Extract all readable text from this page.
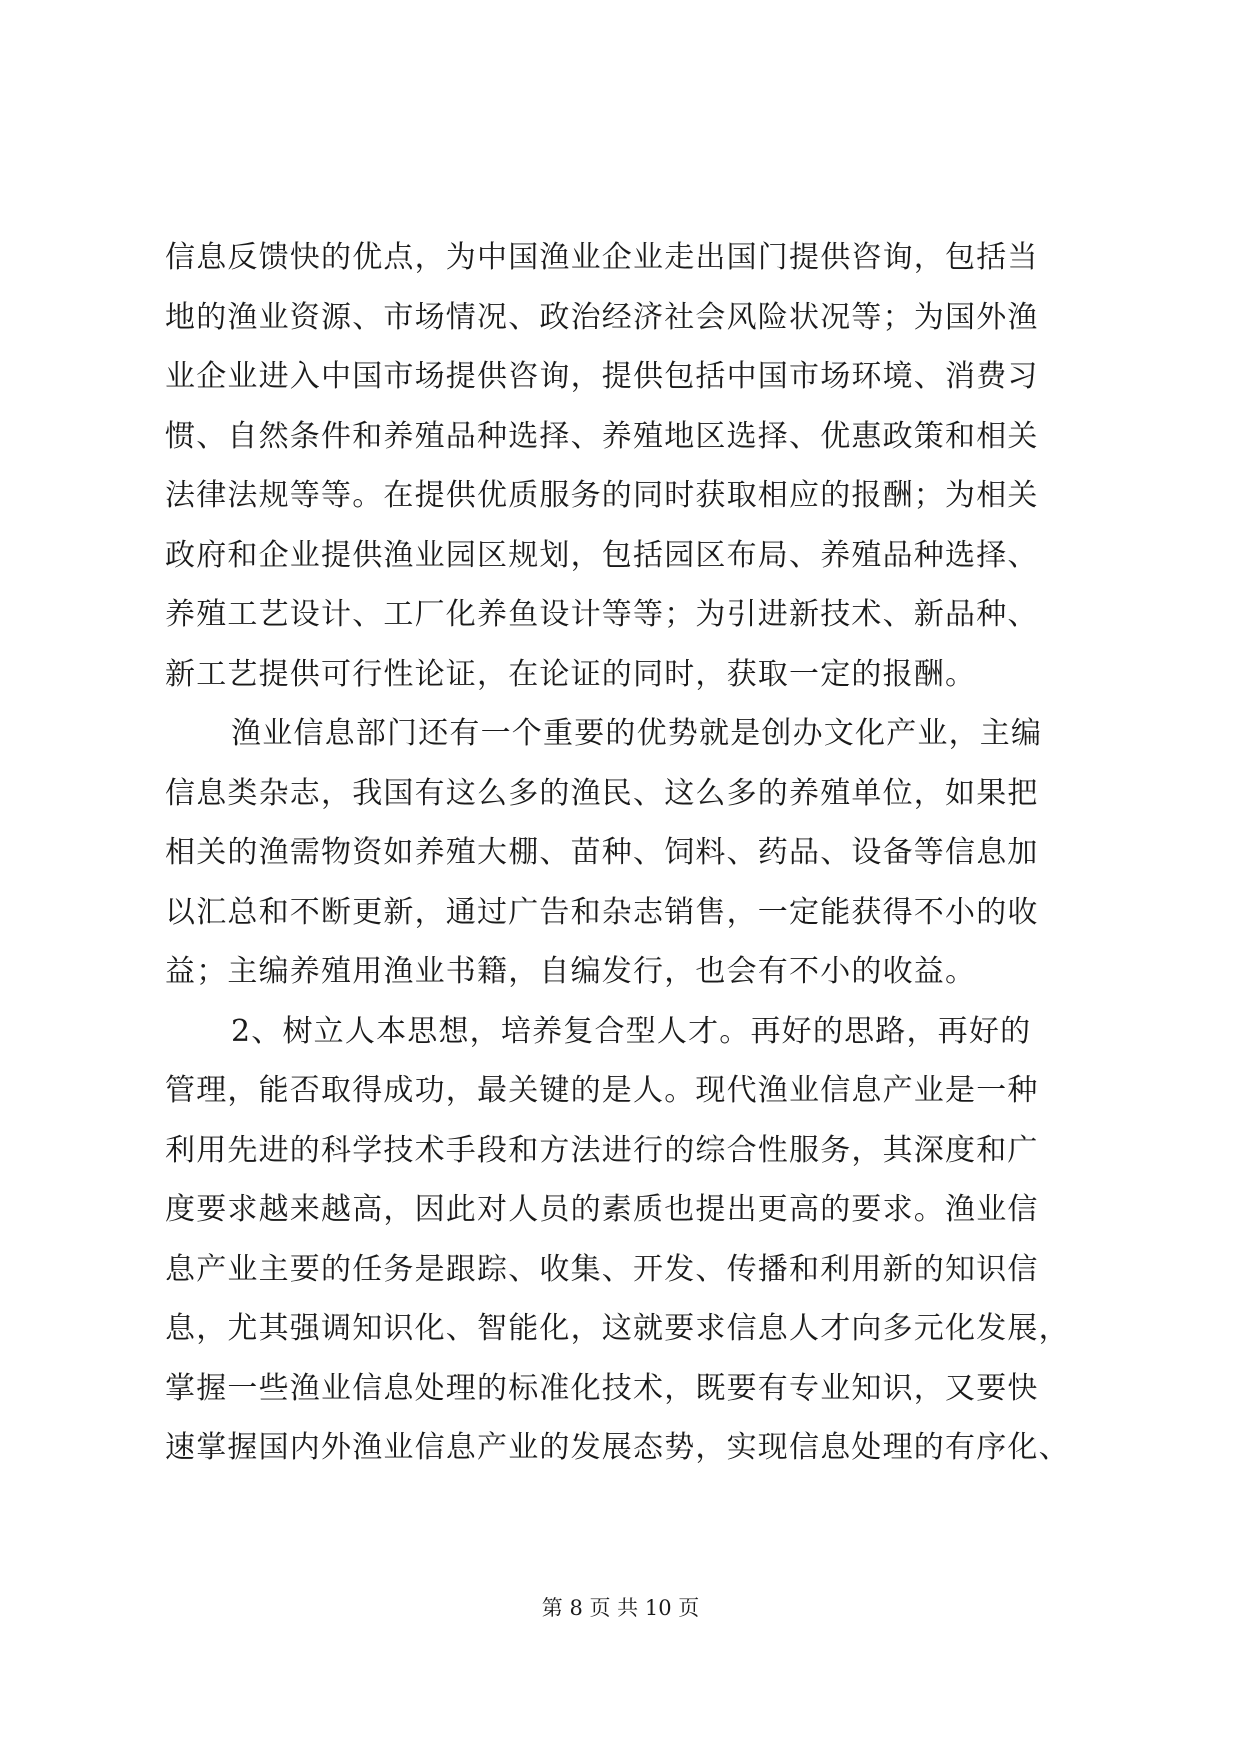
信息反馈快的优点，为中国渔业企业走出国门提供咨询，包括当
地的渔业资源、市场情况、政治经济社会风险状况等；为国外渔
业企业进入中国市场提供咨询，提供包括中国市场环境、消费习
惯、自然条件和养殖品种选择、养殖地区选择、优惠政策和相关
法律法规等等。在提供优质服务的同时获取相应的报酬；为相关
政府和企业提供渔业园区规划，包括园区布局、养殖品种选择、
养殖工艺设计、工厂化养鱼设计等等；为引进新技术、新品种、
新工艺提供可行性论证，在论证的同时，获取一定的报酬。
渔业信息部门还有一个重要的优势就是创办文化产业，主编
信息类杂志，我国有这么多的渔民、这么多的养殖单位，如果把
相关的渔需物资如养殖大棚、苗种、饲料、药品、设备等信息加
以汇总和不断更新，通过广告和杂志销售，一定能获得不小的收
益；主编养殖用渔业书籍，自编发行，也会有不小的收益。
2、树立人本思想，培养复合型人才。再好的思路，再好的
管理，能否取得成功，最关键的是人。现代渔业信息产业是一种
利用先进的科学技术手段和方法进行的综合性服务，其深度和广
度要求越来越高，因此对人员的素质也提出更高的要求。渔业信
息产业主要的任务是跟踪、收集、开发、传播和利用新的知识信
息，尤其强调知识化、智能化，这就要求信息人才向多元化发展，
掌握一些渔业信息处理的标准化技术，既要有专业知识，又要快
速掌握国内外渔业信息产业的发展态势，实现信息处理的有序化、
第 8 页 共 10 页
